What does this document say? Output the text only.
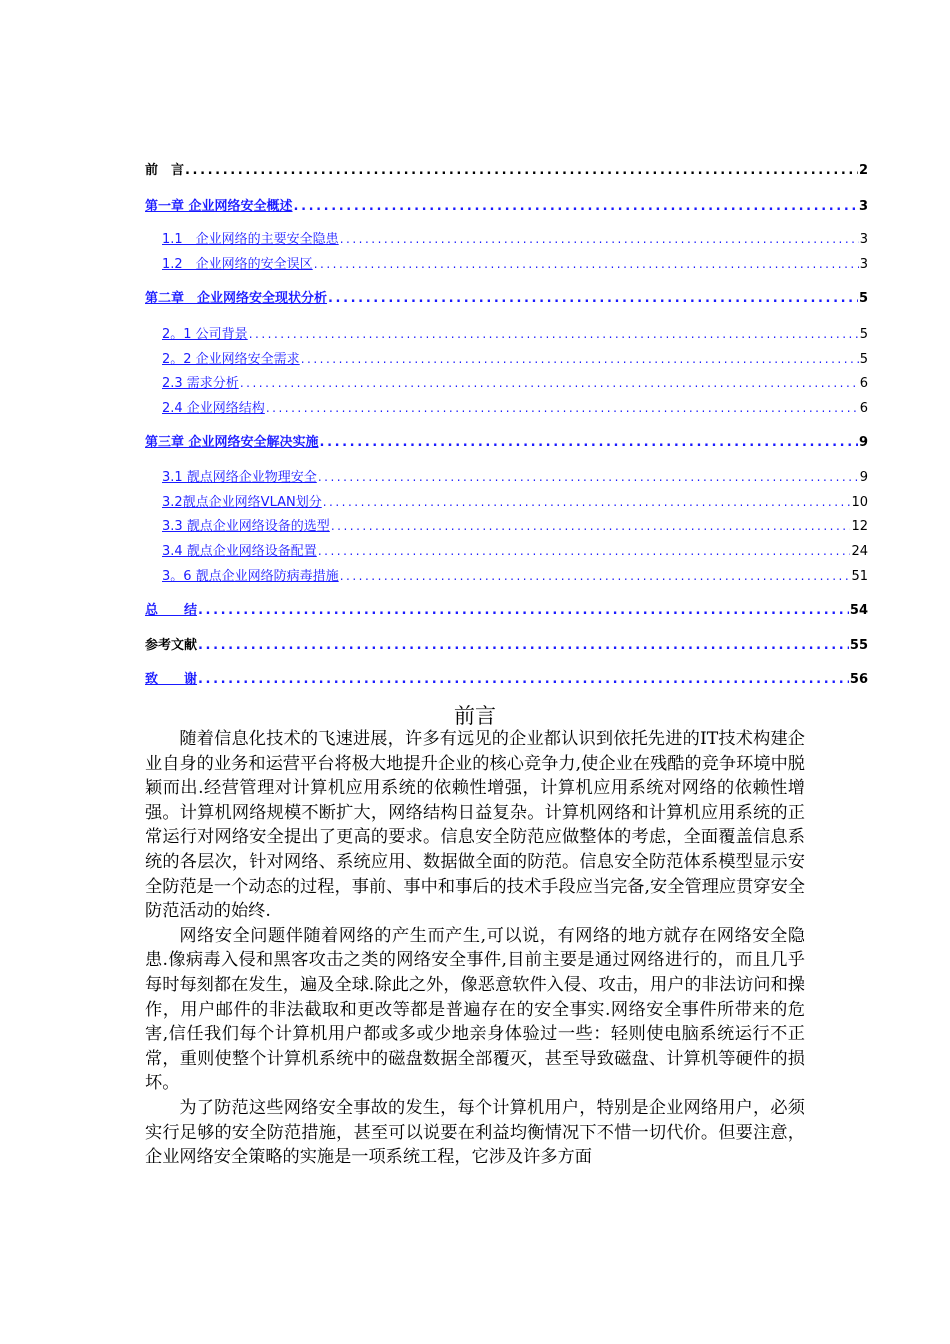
前　言 .....	2
第一章 企业网络安全概述 .....	3
1.1　企业网络的主要安全隐患 .....	3
1.2　企业网络的安全误区 .....	3
第二章　企业网络安全现状分析 .....	5
2。1 公司背景 .....	5
2。2 企业网络安全需求 .....	5
2.3 需求分析 .....	6
2.4 企业网络结构 .....	6
第三章 企业网络安全解决实施 .....	9
3.1 靓点网络企业物理安全 .....	9
3.2靓点企业网络VLAN划分 .....	10
3.3 靓点企业网络设备的选型 .....	12
3.4 靓点企业网络设备配置 .....	24
3。6 靓点企业网络防病毒措施 .....	51
总　　结 .....	54
参考文献 .....	55
致　　谢 .....	56
前言

随着信息化技术的飞速进展，许多有远见的企业都认识到依托先进的IT技术构建企业自身的业务和运营平台将极大地提升企业的核心竞争力,使企业在残酷的竞争环境中脱颖而出.经营管理对计算机应用系统的依赖性增强，计算机应用系统对网络的依赖性增强。计算机网络规模不断扩大，网络结构日益复杂。计算机网络和计算机应用系统的正常运行对网络安全提出了更高的要求。信息安全防范应做整体的考虑，全面覆盖信息系统的各层次，针对网络、系统应用、数据做全面的防范。信息安全防范体系模型显示安全防范是一个动态的过程，事前、事中和事后的技术手段应当完备,安全管理应贯穿安全防范活动的始终.

网络安全问题伴随着网络的产生而产生,可以说，有网络的地方就存在网络安全隐患.像病毒入侵和黑客攻击之类的网络安全事件,目前主要是通过网络进行的，而且几乎每时每刻都在发生，遍及全球.除此之外，像恶意软件入侵、攻击，用户的非法访问和操作，用户邮件的非法截取和更改等都是普遍存在的安全事实.网络安全事件所带来的危害,信任我们每个计算机用户都或多或少地亲身体验过一些：轻则使电脑系统运行不正常，重则使整个计算机系统中的磁盘数据全部覆灭，甚至导致磁盘、计算机等硬件的损坏。

为了防范这些网络安全事故的发生，每个计算机用户，特别是企业网络用户，必须实行足够的安全防范措施，甚至可以说要在利益均衡情况下不惜一切代价。但要注意，企业网络安全策略的实施是一项系统工程，它涉及许多方面
